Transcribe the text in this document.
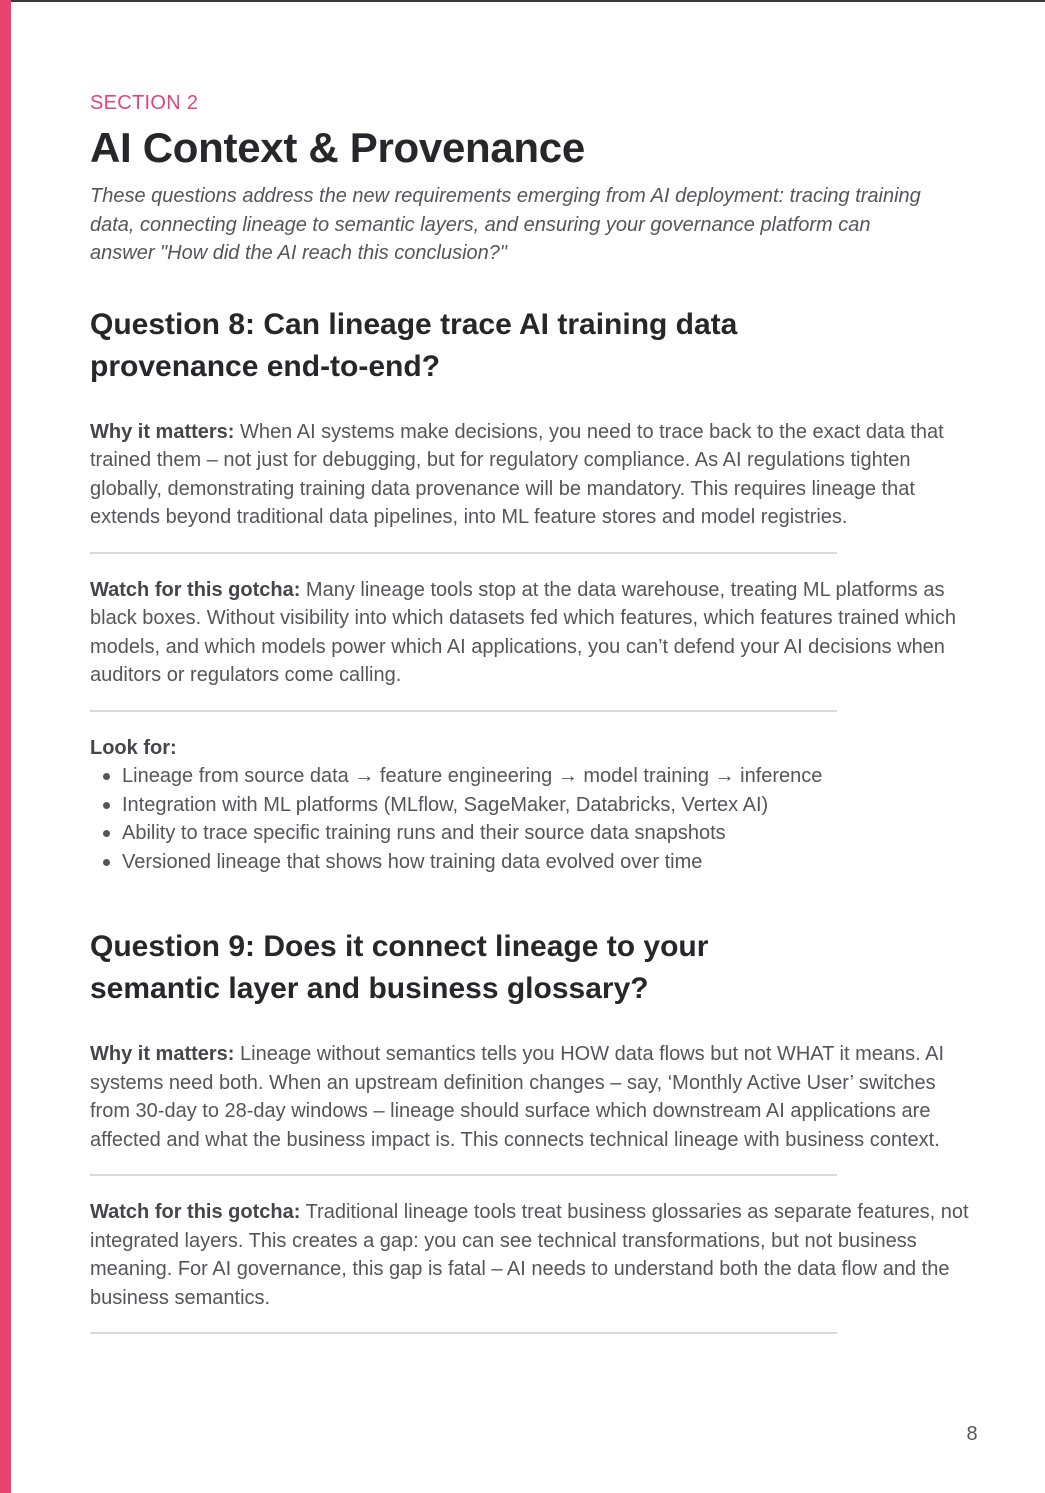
SECTION 2

AI Context & Provenance

These questions address the new requirements emerging from AI deployment: tracing training data, connecting lineage to semantic layers, and ensuring your governance platform can answer "How did the AI reach this conclusion?"

Question 8: Can lineage trace AI training data provenance end-to-end?

Why it matters: When AI systems make decisions, you need to trace back to the exact data that trained them – not just for debugging, but for regulatory compliance. As AI regulations tighten globally, demonstrating training data provenance will be mandatory. This requires lineage that extends beyond traditional data pipelines, into ML feature stores and model registries.

Watch for this gotcha: Many lineage tools stop at the data warehouse, treating ML platforms as black boxes. Without visibility into which datasets fed which features, which features trained which models, and which models power which AI applications, you can’t defend your AI decisions when auditors or regulators come calling.

Look for:

Lineage from source data → feature engineering → model training → inference
Integration with ML platforms (MLflow, SageMaker, Databricks, Vertex AI)
Ability to trace specific training runs and their source data snapshots
Versioned lineage that shows how training data evolved over time
Question 9: Does it connect lineage to your semantic layer and business glossary?

Why it matters: Lineage without semantics tells you HOW data flows but not WHAT it means. AI systems need both. When an upstream definition changes – say, ‘Monthly Active User’ switches from 30-day to 28-day windows – lineage should surface which downstream AI applications are affected and what the business impact is. This connects technical lineage with business context.

Watch for this gotcha: Traditional lineage tools treat business glossaries as separate features, not integrated layers. This creates a gap: you can see technical transformations, but not business meaning. For AI governance, this gap is fatal – AI needs to understand both the data flow and the business semantics.

8
